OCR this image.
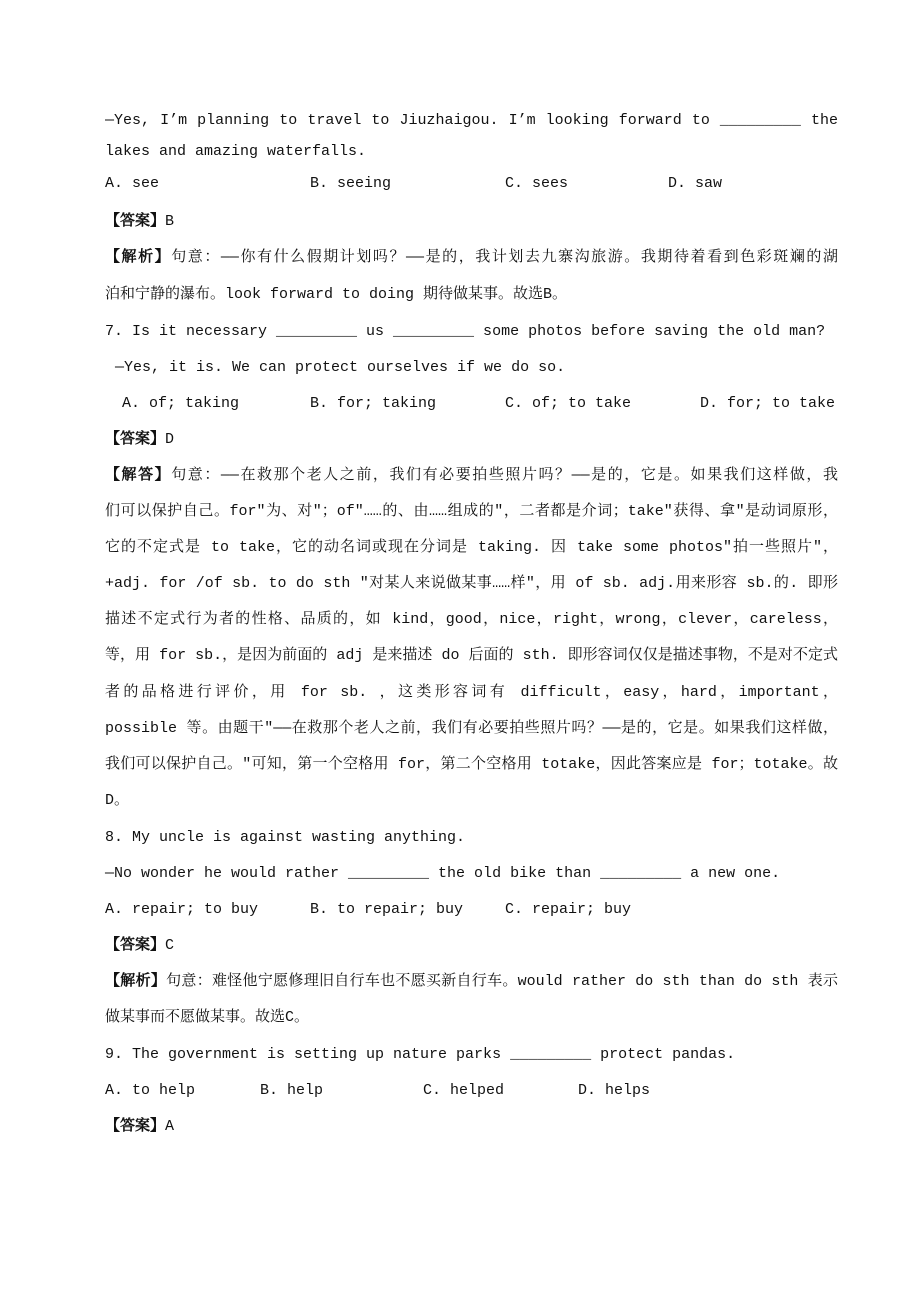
—Yes, I’m planning to travel to Jiuzhaigou. I’m looking forward to _________ the
lakes and amazing waterfalls.
A. see	B. seeing	C. sees	D. saw
【答案】B
【解析】句意：——你有什么假期计划吗？——是的，我计划去九寨沟旅游。我期待着看到色彩斑斓的湖
泊和宁静的瀑布。look forward to doing 期待做某事。故选B。
7. Is it necessary _________ us _________ some photos before saving the old man?
—Yes, it is. We can protect ourselves if we do so.
A. of; taking	B. for; taking	C. of; to take	D. for; to take
【答案】D
【解答】句意：——在救那个老人之前，我们有必要拍些照片吗？——是的，它是。如果我们这样做，我
们可以保护自己。for"为、对"；of"……的、由……组成的"，二者都是介词；take"获得、拿"是动词原形，
它的不定式是 to take，它的动名词或现在分词是 taking. 因 take some photos"拍一些照片"，
+adj. for /of sb. to do sth "对某人来说做某事……样"，用 of sb. adj.用来形容 sb.的. 即形
描述不定式行为者的性格、品质的，如 kind，good，nice，right，wrong，clever，careless，
等，用 for sb.，是因为前面的 adj 是来描述 do 后面的 sth. 即形容词仅仅是描述事物，不是对不定式
者的品格进行评价，用 for sb. ，这类形容词有 difficult，easy，hard，important，
possible 等。由题干"——在救那个老人之前，我们有必要拍些照片吗？——是的，它是。如果我们这样做，
我们可以保护自己。"可知，第一个空格用 for，第二个空格用 totake，因此答案应是 for；totake。故
D。
8. My uncle is against wasting anything.
—No wonder he would rather _________ the old bike than _________ a new one.
A. repair; to buy	B. to repair; buy	C. repair; buy
【答案】C
【解析】句意：难怪他宁愿修理旧自行车也不愿买新自行车。would rather do sth than do sth 表示
做某事而不愿做某事。故选C。
9. The government is setting up nature parks _________ protect pandas.
A. to help	B. help	C. helped	D. helps
【答案】A
